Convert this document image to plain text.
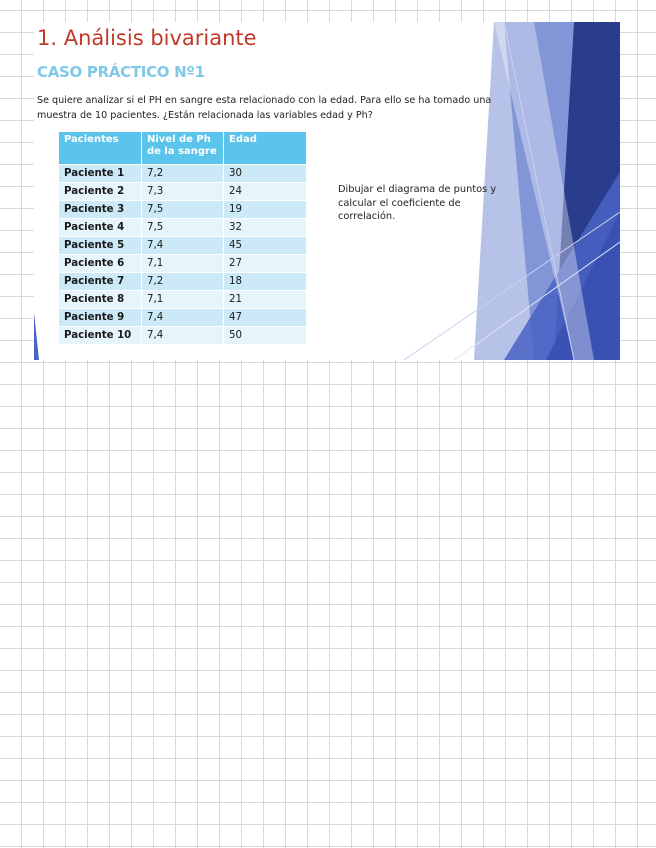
1. Análisis bivariante
CASO PRÁCTICO Nº1

Se quiere analizar si el PH en sangre esta relacionado con la edad. Para ello se ha tomado una muestra de 10 pacientes. ¿Están relacionada las variables edad y Ph?

Pacientes	Nivel de Ph de la sangre	Edad
Paciente 1	7,2	30
Paciente 2	7,3	24
Paciente 3	7,5	19
Paciente 4	7,5	32
Paciente 5	7,4	45
Paciente 6	7,1	27
Paciente 7	7,2	18
Paciente 8	7,1	21
Paciente 9	7,4	47
Paciente 10	7,4	50

Dibujar el diagrama de puntos y calcular el coeficiente de correlación.
